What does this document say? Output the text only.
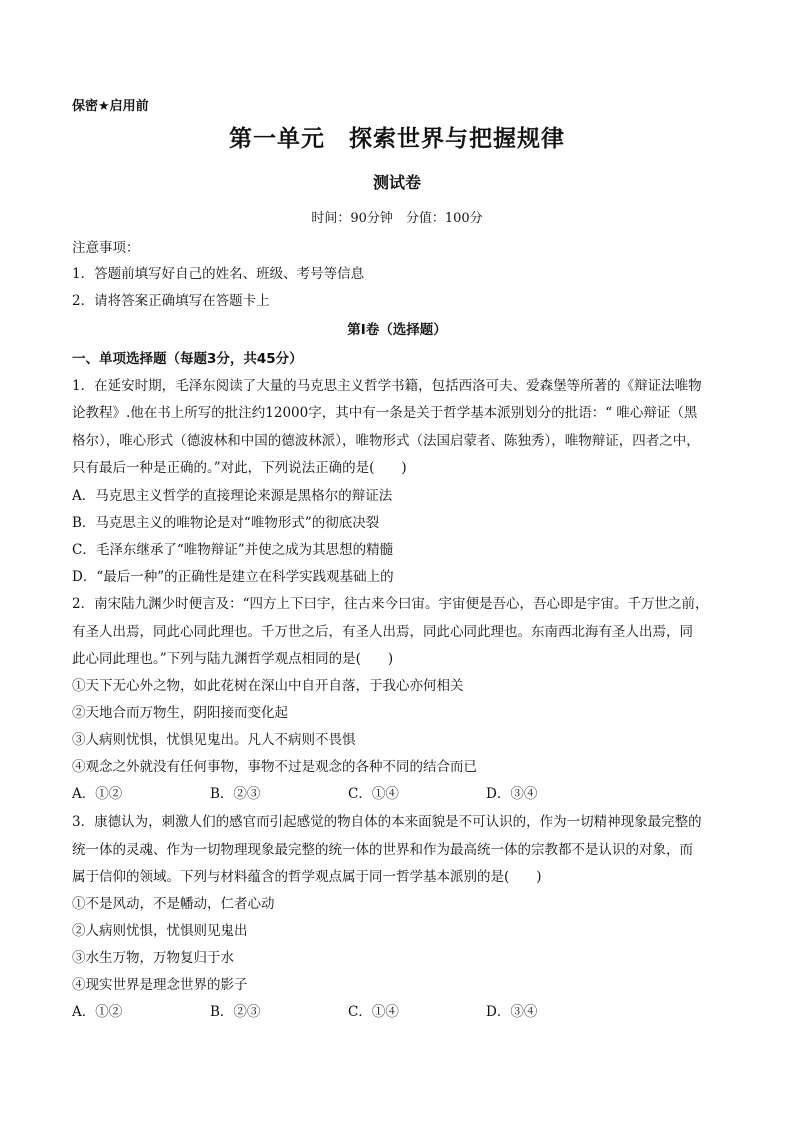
保密★启用前
第一单元　探索世界与把握规律
测试卷
时间：90分钟　分值：100分
注意事项：
1．答题前填写好自己的姓名、班级、考号等信息
2．请将答案正确填写在答题卡上
第I卷（选择题）
一、单项选择题（每题3分，共45分）
1．在延安时期，毛泽东阅读了大量的马克思主义哲学书籍，包括西洛可夫、爱森堡等所著的《辩证法唯物
论教程》.他在书上所写的批注约12000字，其中有一条是关于哲学基本派别划分的批语：“ 唯心辩证（黑
格尔），唯心形式（德波林和中国的德波林派），唯物形式（法国启蒙者、陈独秀），唯物辩证，四者之中，
只有最后一种是正确的。”对此，下列说法正确的是(　　)
A．马克思主义哲学的直接理论来源是黑格尔的辩证法
B．马克思主义的唯物论是对“唯物形式”的彻底决裂
C．毛泽东继承了“唯物辩证”并使之成为其思想的精髓
D．“最后一种”的正确性是建立在科学实践观基础上的
2．南宋陆九渊少时便言及：“四方上下曰宇，往古来今曰宙。宇宙便是吾心，吾心即是宇宙。千万世之前，
有圣人出焉，同此心同此理也。千万世之后，有圣人出焉，同此心同此理也。东南西北海有圣人出焉，同
此心同此理也。”下列与陆九渊哲学观点相同的是(　　)
①天下无心外之物，如此花树在深山中自开自落，于我心亦何相关
②天地合而万物生，阴阳接而变化起
③人病则忧惧，忧惧见鬼出。凡人不病则不畏惧
④观念之外就没有任何事物，事物不过是观念的各种不同的结合而已
A．①②	B．②③	C．①④	D．③④
3．康德认为，刺激人们的感官而引起感觉的物自体的本来面貌是不可认识的，作为一切精神现象最完整的
统一体的灵魂、作为一切物理现象最完整的统一体的世界和作为最高统一体的宗教都不是认识的对象，而
属于信仰的领域。下列与材料蕴含的哲学观点属于同一哲学基本派别的是(　　)
①不是风动，不是幡动，仁者心动
②人病则忧惧，忧惧则见鬼出
③水生万物，万物复归于水
④现实世界是理念世界的影子
A．①②	B．②③	C．①④	D．③④
